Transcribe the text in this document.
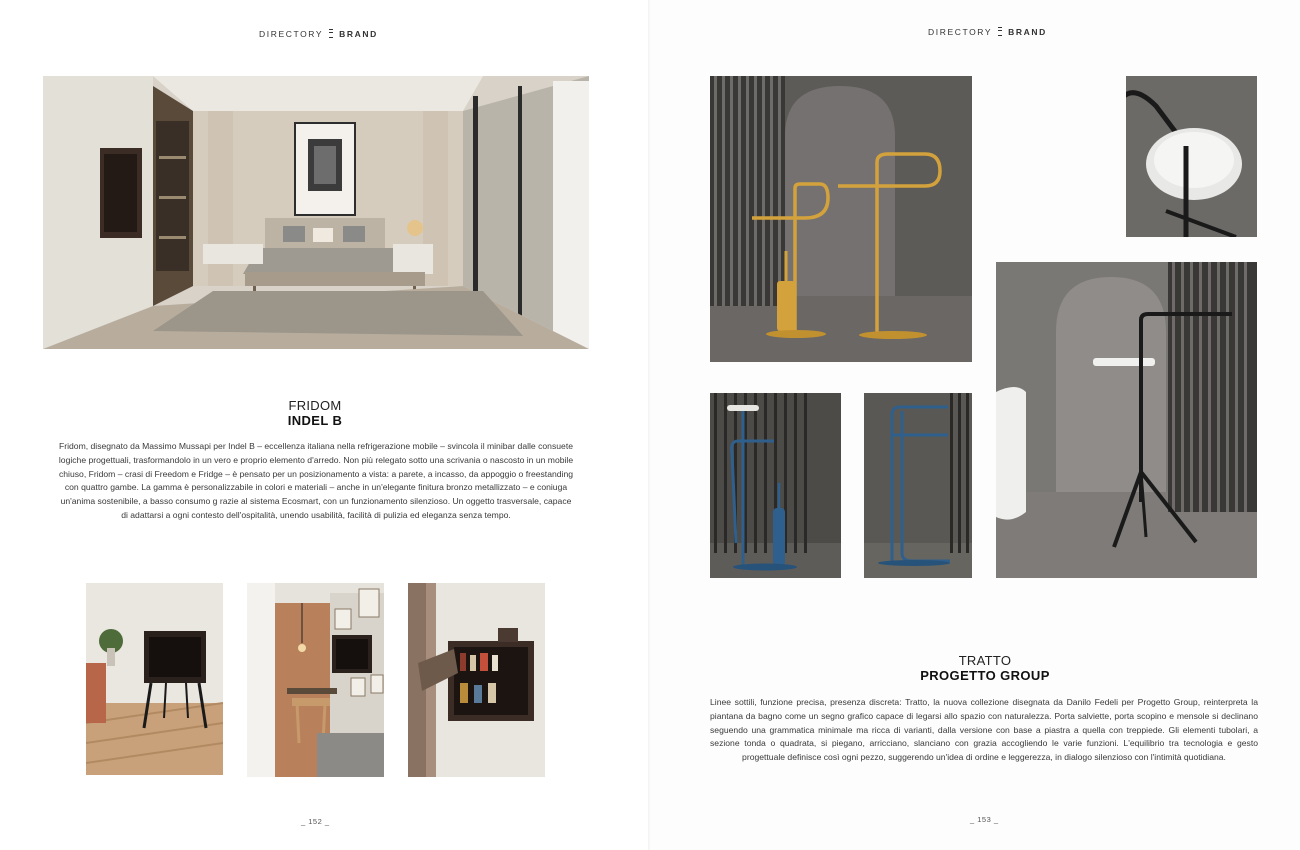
DIRECTORY BRAND
FRIDOM
INDEL B
Fridom, disegnato da Massimo Mussapi per Indel B – eccellenza italiana nella refrigerazione mobile – svincola il minibar dalle consuete logiche progettuali, trasformandolo in un vero e proprio elemento d'arredo. Non più relegato sotto una scrivania o nascosto in un mobile chiuso, Fridom – crasi di Freedom e Fridge – è pensato per un posizionamento a vista: a parete, a incasso, da appoggio o freestanding con quattro gambe. La gamma è personalizzabile in colori e materiali – anche in un'elegante finitura bronzo metallizzato – e coniuga un'anima sostenibile, a basso consumo g razie al sistema Ecosmart, con un funzionamento silenzioso. Un oggetto trasversale, capace di adattarsi a ogni contesto dell'ospitalità, unendo usabilità, facilità di pulizia ed eleganza senza tempo.
_ 152 _
DIRECTORY BRAND
TRATTO
PROGETTO GROUP
Linee sottili, funzione precisa, presenza discreta: Tratto, la nuova collezione disegnata da Danilo Fedeli per Progetto Group, reinterpreta la piantana da bagno come un segno grafico capace di legarsi allo spazio con naturalezza. Porta salviette, porta scopino e mensole si declinano seguendo una grammatica minimale ma ricca di varianti, dalla versione con base a piastra a quella con treppiede. Gli elementi tubolari, a sezione tonda o quadrata, si piegano, arricciano, slanciano con grazia accogliendo le varie funzioni. L'equilibrio tra tecnologia e gesto progettuale definisce così ogni pezzo, suggerendo un'idea di ordine e leggerezza, in dialogo silenzioso con l'intimità quotidiana.
_ 153 _
